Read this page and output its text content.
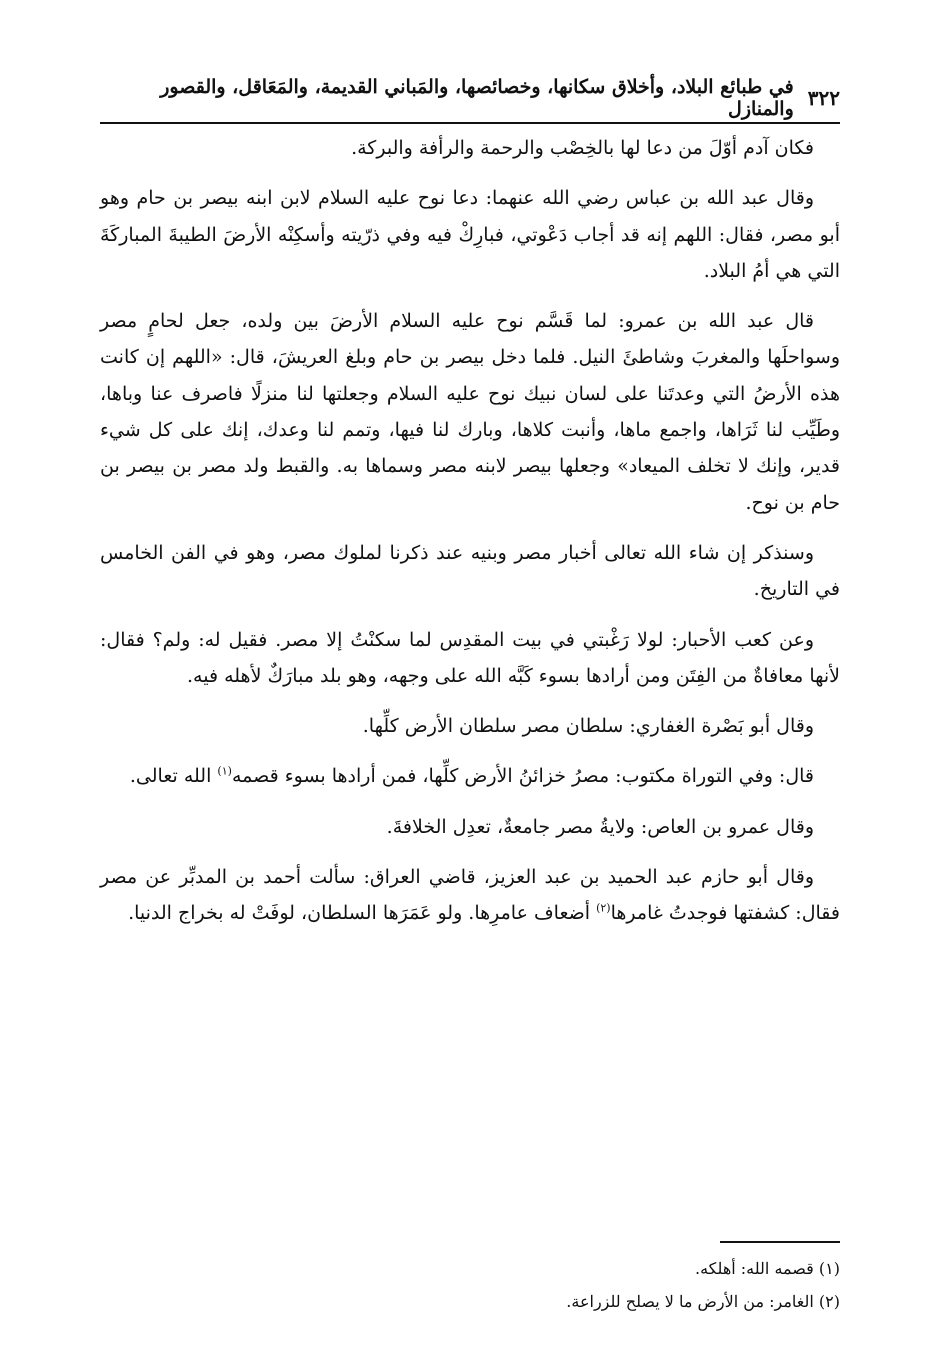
٣٢٢
في طبائع البلاد، وأخلاق سكانها، وخصائصها، والمَباني القديمة، والمَعَاقل، والقصور والمنازل

فكان آدم أوّلَ من دعا لها بالخِصْب والرحمة والرأفة والبركة.

وقال عبد الله بن عباس رضي الله عنهما: دعا نوح عليه السلام لابن ابنه بيصر بن حام وهو أبو مصر، فقال: اللهم إنه قد أجاب دَعْوتي، فبارِكْ فيه وفي ذرّيته وأسكِنْه الأرضَ الطيبةَ المباركَةَ التي هي أمُ البلاد.

قال عبد الله بن عمرو: لما قَسَّم نوح عليه السلام الأرضَ بين ولده، جعل لحامٍ مصر وسواحلَها والمغربَ وشاطئَ النيل. فلما دخل بيصر بن حام وبلغ العريشَ، قال: «اللهم إن كانت هذه الأرضُ التي وعدتَنا على لسان نبيك نوح عليه السلام وجعلتها لنا منزلًا فاصرف عنا وباها، وطَيِّب لنا ثَرَاها، واجمع ماها، وأنبت كلاها، وبارك لنا فيها، وتمم لنا وعدك، إنك على كل شيء قدير، وإنك لا تخلف الميعاد» وجعلها بيصر لابنه مصر وسماها به. والقبط ولد مصر بن بيصر بن حام بن نوح.

وسنذكر إن شاء الله تعالى أخبار مصر وبنيه عند ذكرنا لملوك مصر، وهو في الفن الخامس في التاريخ.

وعن كعب الأحبار: لولا رَغْبتي في بيت المقدِس لما سكنْتُ إلا مصر. فقيل له: ولم؟ فقال: لأنها معافاةٌ من الفِتَن ومن أرادها بسوء كَبَّه الله على وجهه، وهو بلد مبارَكٌ لأهله فيه.

وقال أبو بَصْرة الغفاري: سلطان مصر سلطان الأرض كلِّها.

قال: وفي التوراة مكتوب: مصرُ خزائنُ الأرض كلِّها، فمن أرادها بسوء قصمه$^{(١)}$ الله تعالى.

وقال عمرو بن العاص: ولايةُ مصر جامعةٌ، تعدِل الخلافةَ.

وقال أبو حازم عبد الحميد بن عبد العزيز، قاضي العراق: سألت أحمد بن المدبِّر عن مصر فقال: كشفتها فوجدتُ غامرها$^{(٢)}$ أضعاف عامرِها. ولو عَمَرَها السلطان، لوفَتْ له بخراج الدنيا.

(١) قصمه الله: أهلكه.
(٢) الغامر: من الأرض ما لا يصلح للزراعة.
